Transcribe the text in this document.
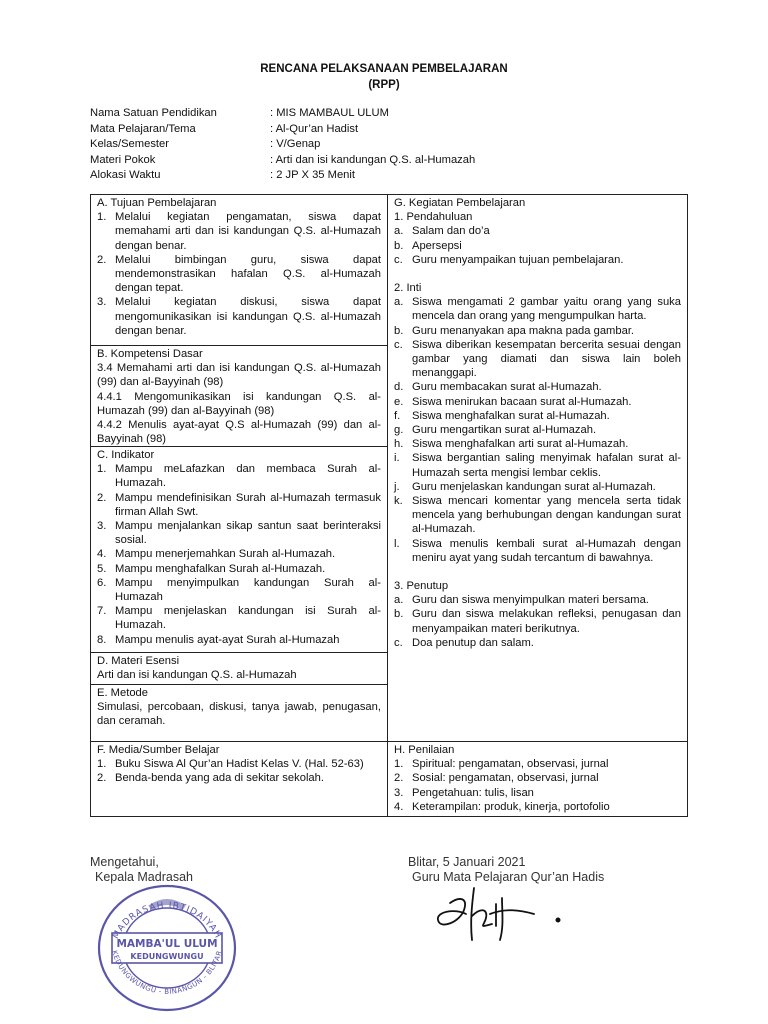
RENCANA PELAKSANAAN PEMBELAJARAN
(RPP)
Nama Satuan Pendidikan	: MIS MAMBAUL ULUM
Mata Pelajaran/Tema	: Al-Qur’an Hadist
Kelas/Semester	: V/Genap
Materi Pokok	: Arti dan isi kandungan Q.S. al-Humazah
Alokasi Waktu	: 2 JP X 35 Menit
A. Tujuan Pembelajaran
1. Melalui kegiatan pengamatan, siswa dapat memahami arti dan isi kandungan Q.S. al-Humazah dengan benar.
2. Melalui bimbingan guru, siswa dapat mendemonstrasikan hafalan Q.S. al-Humazah dengan tepat.
3. Melalui kegiatan diskusi, siswa dapat mengomunikasikan isi kandungan Q.S. al-Humazah dengan benar.
B. Kompetensi Dasar
3.4 Memahami arti dan isi kandungan Q.S. al-Humazah (99) dan al-Bayyinah (98)
4.4.1 Mengomunikasikan isi kandungan Q.S. al-Humazah (99) dan al-Bayyinah (98)
4.4.2 Menulis ayat-ayat Q.S al-Humazah (99) dan al-Bayyinah (98)
C. Indikator
1. Mampu meLafazkan dan membaca Surah al-Humazah.
2. Mampu mendefinisikan Surah al-Humazah termasuk firman Allah Swt.
3. Mampu menjalankan sikap santun saat berinteraksi sosial.
4. Mampu menerjemahkan Surah al-Humazah.
5. Mampu menghafalkan Surah al-Humazah.
6. Mampu menyimpulkan kandungan Surah al-Humazah
7. Mampu menjelaskan kandungan isi Surah al-Humazah.
8. Mampu menulis ayat-ayat Surah al-Humazah
D. Materi Esensi
Arti dan isi kandungan Q.S. al-Humazah
E. Metode
Simulasi, percobaan, diskusi, tanya jawab, penugasan, dan ceramah.
F. Media/Sumber Belajar
1. Buku Siswa Al Qur’an Hadist Kelas V. (Hal. 52-63)
2. Benda-benda yang ada di sekitar sekolah.
G. Kegiatan Pembelajaran
1. Pendahuluan
a. Salam dan do’a
b. Apersepsi
c. Guru menyampaikan tujuan pembelajaran.
2. Inti
a. Siswa mengamati 2 gambar yaitu orang yang suka mencela dan orang yang mengumpulkan harta.
b. Guru menanyakan apa makna pada gambar.
c. Siswa diberikan kesempatan bercerita sesuai dengan gambar yang diamati dan siswa lain boleh menanggapi.
d. Guru membacakan surat al-Humazah.
e. Siswa menirukan bacaan surat al-Humazah.
f.	Siswa menghafalkan surat al-Humazah.
g. Guru mengartikan surat al-Humazah.
h. Siswa menghafalkan arti surat al-Humazah.
i.	Siswa bergantian saling menyimak hafalan surat al-Humazah serta mengisi lembar ceklis.
j.	Guru menjelaskan kandungan surat al-Humazah.
k. Siswa mencari komentar yang mencela serta tidak mencela yang berhubungan dengan kandungan surat al-Humazah.
l.	Siswa menulis kembali surat al-Humazah dengan meniru ayat yang sudah tercantum di bawahnya.
3. Penutup
a. Guru dan siswa menyimpulkan materi bersama.
b. Guru dan siswa melakukan refleksi, penugasan dan menyampaikan materi berikutnya.
c. Doa penutup dan salam.
H. Penilaian
1. Spiritual: pengamatan, observasi, jurnal
2. Sosial: pengamatan, observasi, jurnal
3. Pengetahuan: tulis, lisan
4. Keterampilan: produk, kinerja, portofolio
Mengetahui,
Kepala Madrasah
Blitar, 5 Januari 2021
Guru Mata Pelajaran Qur’an Hadis
MADRASAH IBTIDAIYAH
KEDUNGWUNGU - BINANGUN - BLITAR
MAMBA'UL ULUM
KEDUNGWUNGU
